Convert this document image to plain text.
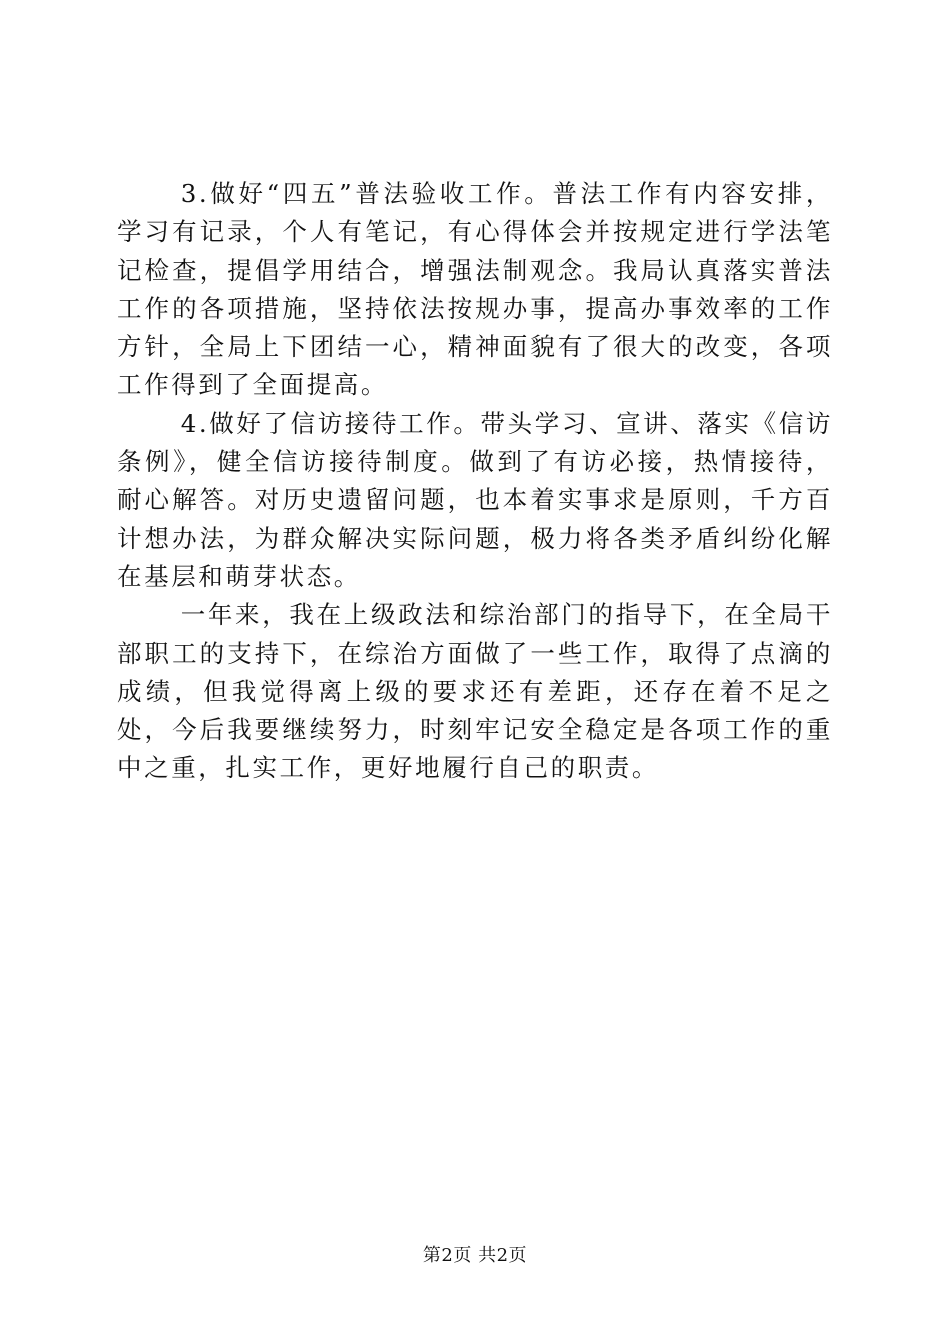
3.做好“四五”普法验收工作。普法工作有内容安排，学习有记录，个人有笔记，有心得体会并按规定进行学法笔记检查，提倡学用结合，增强法制观念。我局认真落实普法工作的各项措施，坚持依法按规办事，提高办事效率的工作方针，全局上下团结一心，精神面貌有了很大的改变，各项工作得到了全面提高。

4.做好了信访接待工作。带头学习、宣讲、落实《信访条例》，健全信访接待制度。做到了有访必接，热情接待，耐心解答。对历史遗留问题，也本着实事求是原则，千方百计想办法，为群众解决实际问题，极力将各类矛盾纠纷化解在基层和萌芽状态。

一年来，我在上级政法和综治部门的指导下，在全局干部职工的支持下，在综治方面做了一些工作，取得了点滴的成绩，但我觉得离上级的要求还有差距，还存在着不足之处，今后我要继续努力，时刻牢记安全稳定是各项工作的重中之重，扎实工作，更好地履行自己的职责。

第2页 共2页
